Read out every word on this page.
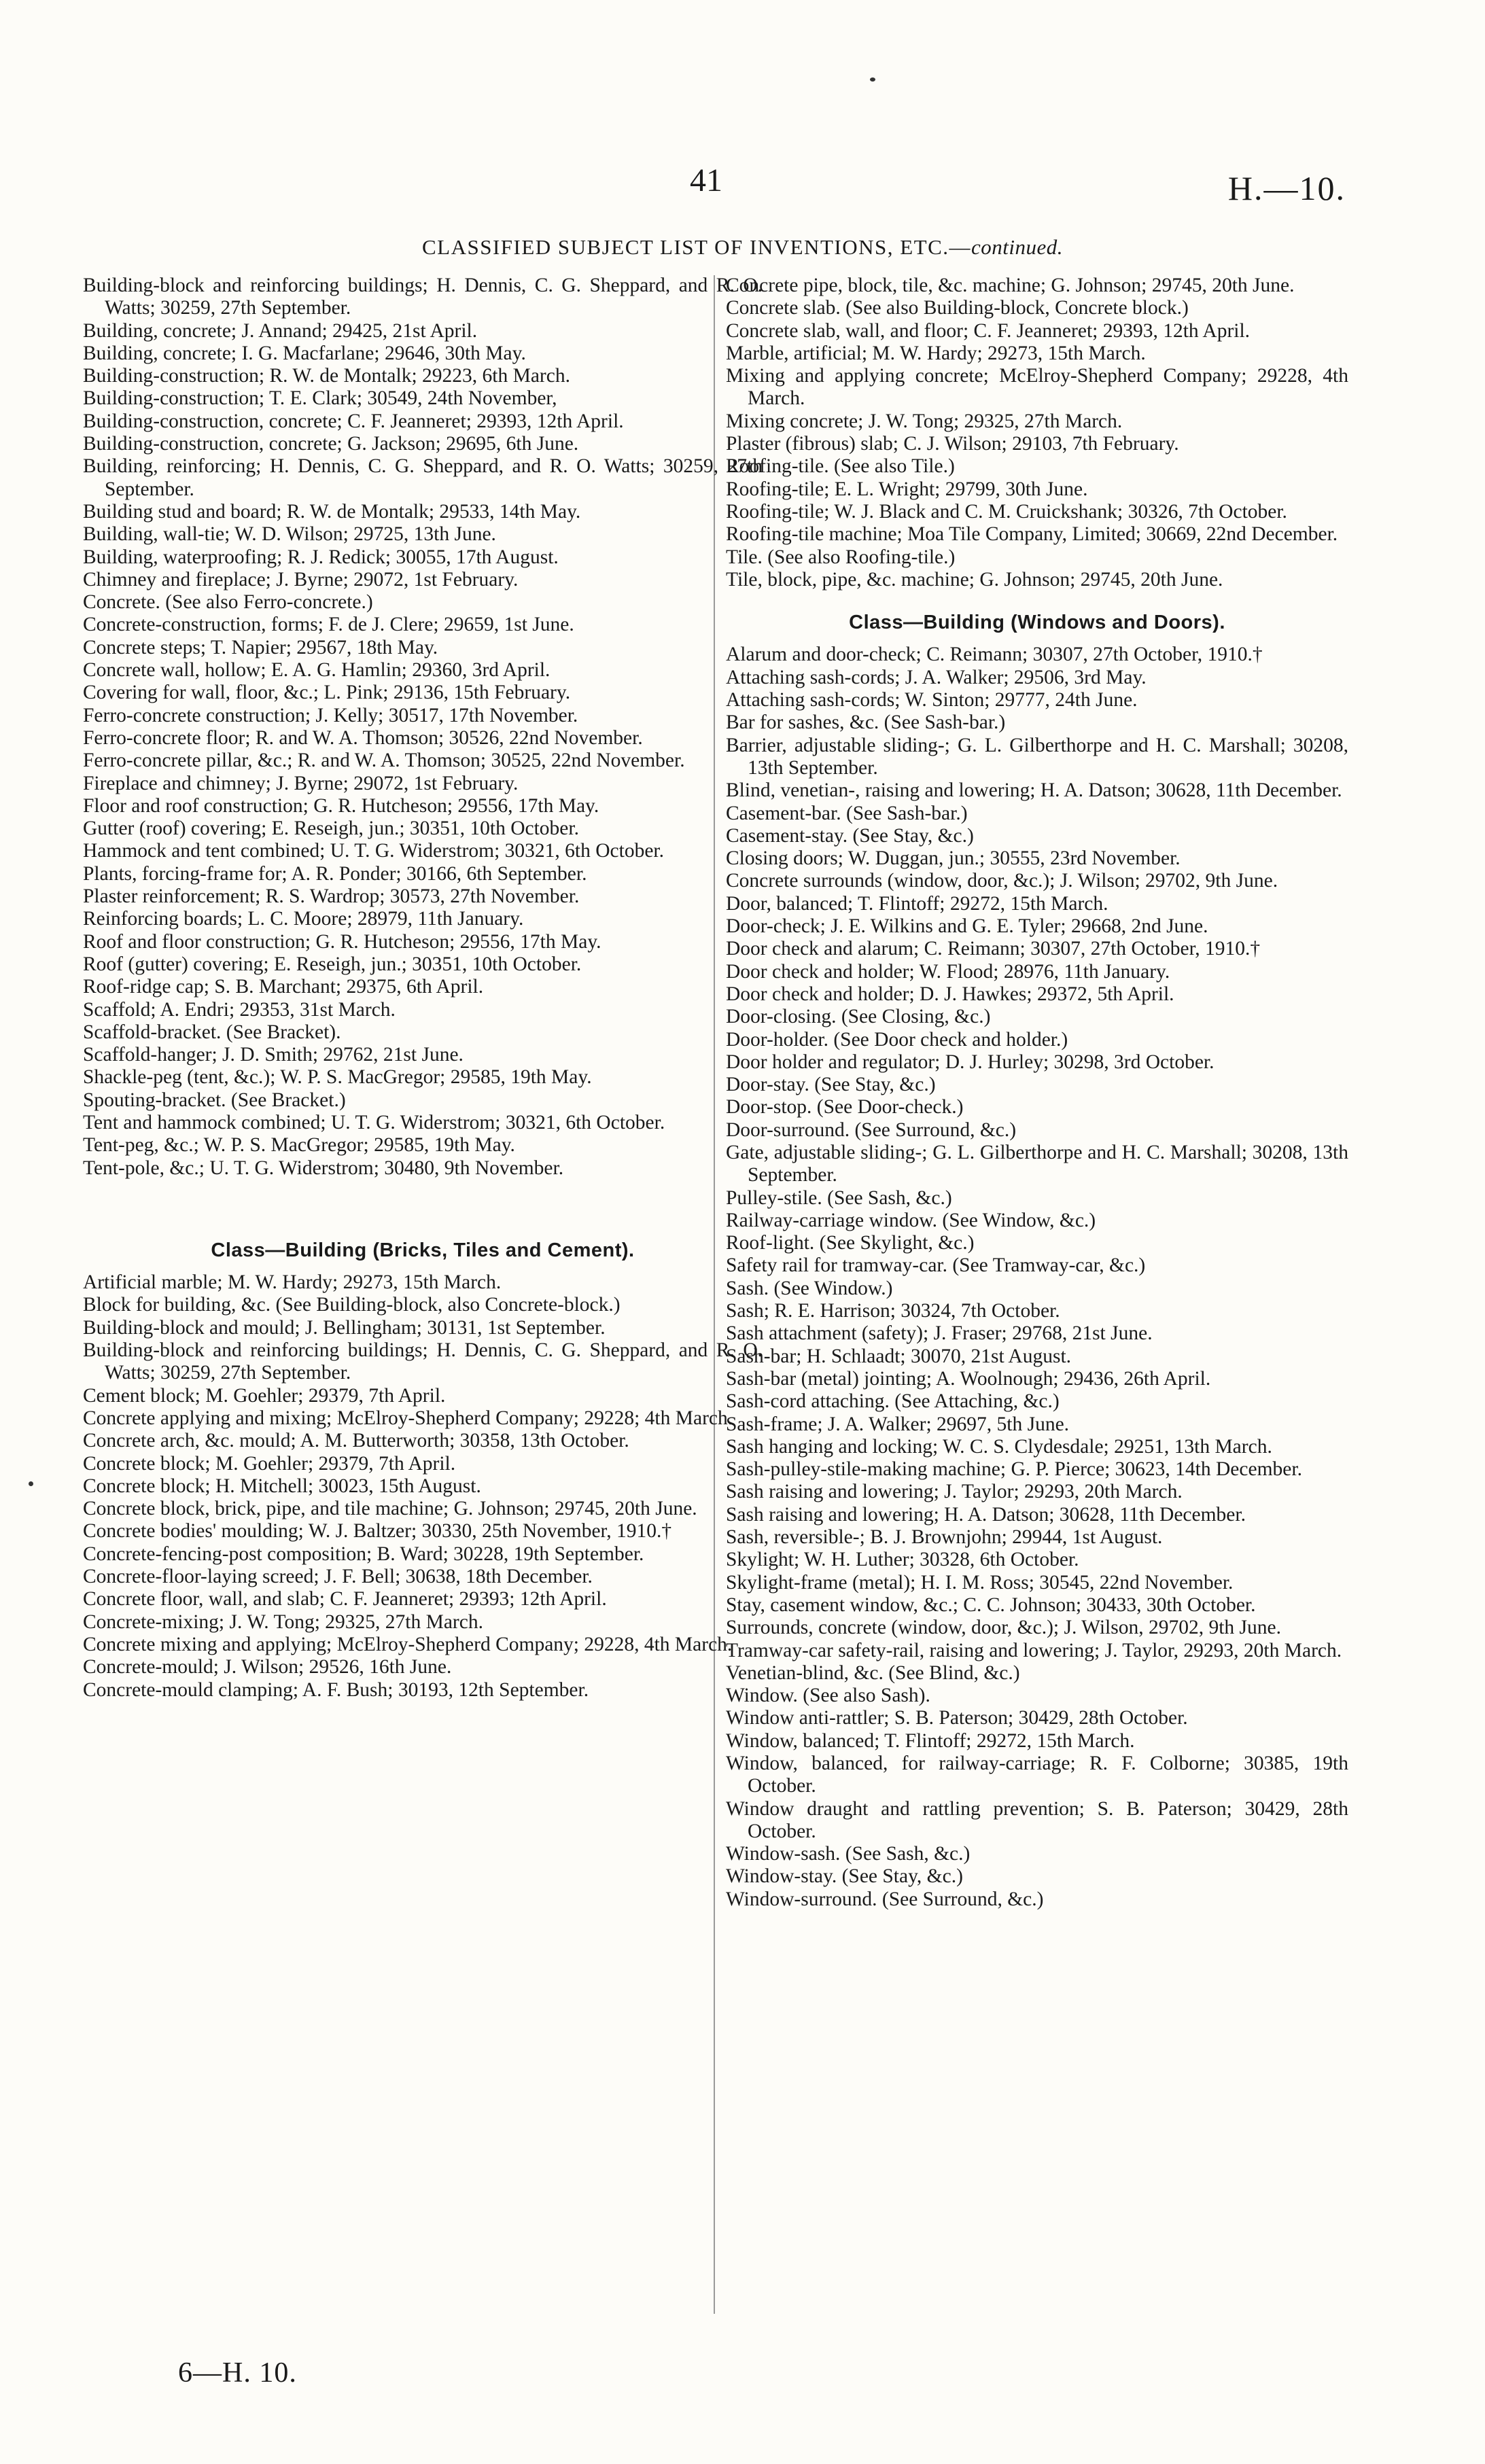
41	H.—10.
CLASSIFIED SUBJECT LIST OF INVENTIONS, ETC.—continued.

Building-block and reinforcing buildings; H. Dennis, C. G. Sheppard, and R. O. Watts; 30259, 27th September.

Building, concrete; J. Annand; 29425, 21st April.

Building, concrete; I. G. Macfarlane; 29646, 30th May.

Building-construction; R. W. de Montalk; 29223, 6th March.

Building-construction; T. E. Clark; 30549, 24th November,

Building-construction, concrete; C. F. Jeanneret; 29393, 12th April.

Building-construction, concrete; G. Jackson; 29695, 6th June.

Building, reinforcing; H. Dennis, C. G. Sheppard, and R. O. Watts; 30259, 27th September.

Building stud and board; R. W. de Montalk; 29533, 14th May.

Building, wall-tie; W. D. Wilson; 29725, 13th June.

Building, waterproofing; R. J. Redick; 30055, 17th August.

Chimney and fireplace; J. Byrne; 29072, 1st February.

Concrete. (See also Ferro-concrete.)

Concrete-construction, forms; F. de J. Clere; 29659, 1st June.

Concrete steps; T. Napier; 29567, 18th May.

Concrete wall, hollow; E. A. G. Hamlin; 29360, 3rd April.

Covering for wall, floor, &c.; L. Pink; 29136, 15th February.

Ferro-concrete construction; J. Kelly; 30517, 17th November.

Ferro-concrete floor; R. and W. A. Thomson; 30526, 22nd November.

Ferro-concrete pillar, &c.; R. and W. A. Thomson; 30525, 22nd November.

Fireplace and chimney; J. Byrne; 29072, 1st February.

Floor and roof construction; G. R. Hutcheson; 29556, 17th May.

Gutter (roof) covering; E. Reseigh, jun.; 30351, 10th October.

Hammock and tent combined; U. T. G. Widerstrom; 30321, 6th October.

Plants, forcing-frame for; A. R. Ponder; 30166, 6th September.

Plaster reinforcement; R. S. Wardrop; 30573, 27th November.

Reinforcing boards; L. C. Moore; 28979, 11th January.

Roof and floor construction; G. R. Hutcheson; 29556, 17th May.

Roof (gutter) covering; E. Reseigh, jun.; 30351, 10th October.

Roof-ridge cap; S. B. Marchant; 29375, 6th April.

Scaffold; A. Endri; 29353, 31st March.

Scaffold-bracket. (See Bracket).

Scaffold-hanger; J. D. Smith; 29762, 21st June.

Shackle-peg (tent, &c.); W. P. S. MacGregor; 29585, 19th May.

Spouting-bracket. (See Bracket.)

Tent and hammock combined; U. T. G. Widerstrom; 30321, 6th October.

Tent-peg, &c.; W. P. S. MacGregor; 29585, 19th May.

Tent-pole, &c.; U. T. G. Widerstrom; 30480, 9th November.

Class—Building (Bricks, Tiles and Cement).

Artificial marble; M. W. Hardy; 29273, 15th March.

Block for building, &c. (See Building-block, also Concrete-block.)

Building-block and mould; J. Bellingham; 30131, 1st September.

Building-block and reinforcing buildings; H. Dennis, C. G. Sheppard, and R. O. Watts; 30259, 27th September.

Cement block; M. Goehler; 29379, 7th April.

Concrete applying and mixing; McElroy-Shepherd Company; 29228; 4th March.

Concrete arch, &c. mould; A. M. Butterworth; 30358, 13th October.

Concrete block; M. Goehler; 29379, 7th April.

Concrete block; H. Mitchell; 30023, 15th August.

Concrete block, brick, pipe, and tile machine; G. Johnson; 29745, 20th June.

Concrete bodies' moulding; W. J. Baltzer; 30330, 25th November, 1910.†

Concrete-fencing-post composition; B. Ward; 30228, 19th September.

Concrete-floor-laying screed; J. F. Bell; 30638, 18th December.

Concrete floor, wall, and slab; C. F. Jeanneret; 29393; 12th April.

Concrete-mixing; J. W. Tong; 29325, 27th March.

Concrete mixing and applying; McElroy-Shepherd Company; 29228, 4th March.

Concrete-mould; J. Wilson; 29526, 16th June.

Concrete-mould clamping; A. F. Bush; 30193, 12th September.

Concrete pipe, block, tile, &c. machine; G. Johnson; 29745, 20th June.

Concrete slab. (See also Building-block, Concrete block.)

Concrete slab, wall, and floor; C. F. Jeanneret; 29393, 12th April.

Marble, artificial; M. W. Hardy; 29273, 15th March.

Mixing and applying concrete; McElroy-Shepherd Company; 29228, 4th March.

Mixing concrete; J. W. Tong; 29325, 27th March.

Plaster (fibrous) slab; C. J. Wilson; 29103, 7th February.

Roofing-tile. (See also Tile.)

Roofing-tile; E. L. Wright; 29799, 30th June.

Roofing-tile; W. J. Black and C. M. Cruickshank; 30326, 7th October.

Roofing-tile machine; Moa Tile Company, Limited; 30669, 22nd December.

Tile. (See also Roofing-tile.)

Tile, block, pipe, &c. machine; G. Johnson; 29745, 20th June.

Class—Building (Windows and Doors).

Alarum and door-check; C. Reimann; 30307, 27th October, 1910.†

Attaching sash-cords; J. A. Walker; 29506, 3rd May.

Attaching sash-cords; W. Sinton; 29777, 24th June.

Bar for sashes, &c. (See Sash-bar.)

Barrier, adjustable sliding-; G. L. Gilberthorpe and H. C. Marshall; 30208, 13th September.

Blind, venetian-, raising and lowering; H. A. Datson; 30628, 11th December.

Casement-bar. (See Sash-bar.)

Casement-stay. (See Stay, &c.)

Closing doors; W. Duggan, jun.; 30555, 23rd November.

Concrete surrounds (window, door, &c.); J. Wilson; 29702, 9th June.

Door, balanced; T. Flintoff; 29272, 15th March.

Door-check; J. E. Wilkins and G. E. Tyler; 29668, 2nd June.

Door check and alarum; C. Reimann; 30307, 27th October, 1910.†

Door check and holder; W. Flood; 28976, 11th January.

Door check and holder; D. J. Hawkes; 29372, 5th April.

Door-closing. (See Closing, &c.)

Door-holder. (See Door check and holder.)

Door holder and regulator; D. J. Hurley; 30298, 3rd October.

Door-stay. (See Stay, &c.)

Door-stop. (See Door-check.)

Door-surround. (See Surround, &c.)

Gate, adjustable sliding-; G. L. Gilberthorpe and H. C. Marshall; 30208, 13th September.

Pulley-stile. (See Sash, &c.)

Railway-carriage window. (See Window, &c.)

Roof-light. (See Skylight, &c.)

Safety rail for tramway-car. (See Tramway-car, &c.)

Sash. (See Window.)

Sash; R. E. Harrison; 30324, 7th October.

Sash attachment (safety); J. Fraser; 29768, 21st June.

Sash-bar; H. Schlaadt; 30070, 21st August.

Sash-bar (metal) jointing; A. Woolnough; 29436, 26th April.

Sash-cord attaching. (See Attaching, &c.)

Sash-frame; J. A. Walker; 29697, 5th June.

Sash hanging and locking; W. C. S. Clydesdale; 29251, 13th March.

Sash-pulley-stile-making machine; G. P. Pierce; 30623, 14th December.

Sash raising and lowering; J. Taylor; 29293, 20th March.

Sash raising and lowering; H. A. Datson; 30628, 11th December.

Sash, reversible-; B. J. Brownjohn; 29944, 1st August.

Skylight; W. H. Luther; 30328, 6th October.

Skylight-frame (metal); H. I. M. Ross; 30545, 22nd November.

Stay, casement window, &c.; C. C. Johnson; 30433, 30th October.

Surrounds, concrete (window, door, &c.); J. Wilson, 29702, 9th June.

Tramway-car safety-rail, raising and lowering; J. Taylor, 29293, 20th March.

Venetian-blind, &c. (See Blind, &c.)

Window. (See also Sash).

Window anti-rattler; S. B. Paterson; 30429, 28th October.

Window, balanced; T. Flintoff; 29272, 15th March.

Window, balanced, for railway-carriage; R. F. Colborne; 30385, 19th October.

Window draught and rattling prevention; S. B. Paterson; 30429, 28th October.

Window-sash. (See Sash, &c.)

Window-stay. (See Stay, &c.)

Window-surround. (See Surround, &c.)

6—H. 10.
